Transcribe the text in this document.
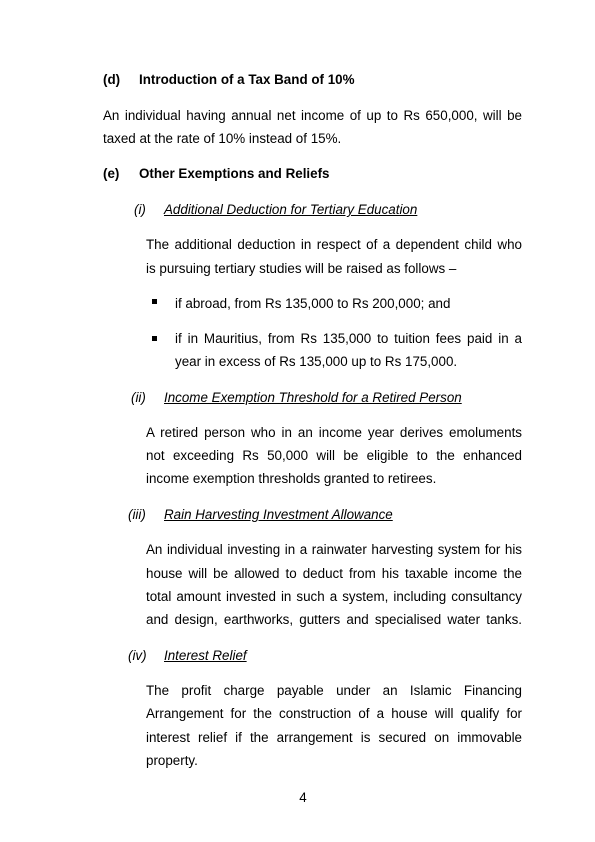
(d) Introduction of a Tax Band of 10%
An individual having annual net income of up to Rs 650,000, will be
taxed at the rate of 10% instead of 15%.
(e) Other Exemptions and Reliefs
(i) Additional Deduction for Tertiary Education
The additional deduction in respect of a dependent child who
is pursuing tertiary studies will be raised as follows –
if abroad, from Rs 135,000 to Rs 200,000; and
if in Mauritius, from Rs 135,000 to tuition fees paid in a
year in excess of Rs 135,000 up to Rs 175,000.
(ii) Income Exemption Threshold for a Retired Person
A retired person who in an income year derives emoluments
not exceeding Rs 50,000 will be eligible to the enhanced
income exemption thresholds granted to retirees.
(iii) Rain Harvesting Investment Allowance
An individual investing in a rainwater harvesting system for his
house will be allowed to deduct from his taxable income the
total amount invested in such a system, including consultancy
and design, earthworks, gutters and specialised water tanks.
(iv) Interest Relief
The profit charge payable under an Islamic Financing
Arrangement for the construction of a house will qualify for
interest relief if the arrangement is secured on immovable
property.
4
